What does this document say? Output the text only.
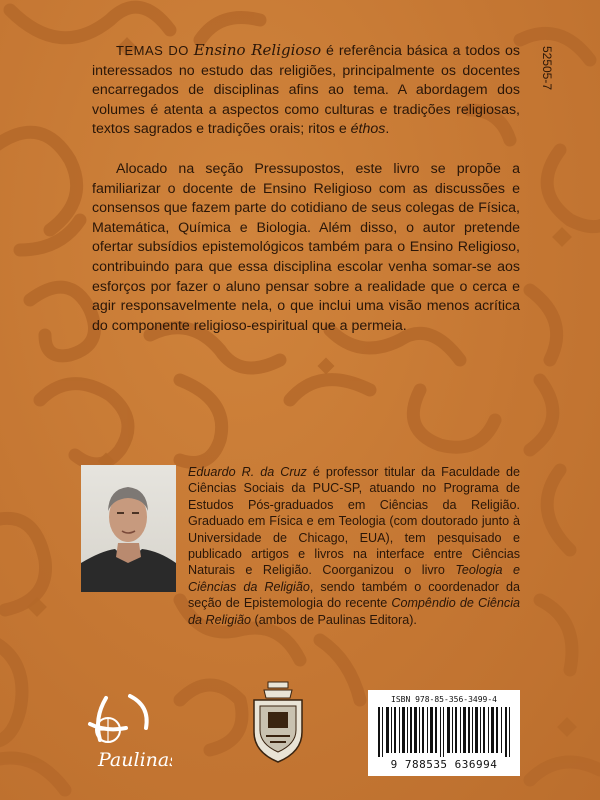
52505-7

TEMAS DO Ensino Religioso é referência básica a todos os interessados no estudo das religiões, principalmente os docentes encarregados de disciplinas afins ao tema. A abordagem dos volumes é atenta a aspectos como culturas e tradições religiosas, textos sagrados e tradições orais; ritos e éthos.

Alocado na seção Pressupostos, este livro se propõe a familiarizar o docente de Ensino Religioso com as discussões e consensos que fazem parte do cotidiano de seus colegas de Física, Matemática, Química e Biologia. Além disso, o autor pretende ofertar subsídios epistemológicos também para o Ensino Religioso, contribuindo para que essa disciplina escolar venha somar-se aos esforços por fazer o aluno pensar sobre a realidade que o cerca e agir responsavelmente nela, o que inclui uma visão menos acrítica do componente religioso-espiritual que a permeia.

Eduardo R. da Cruz é professor titular da Faculdade de Ciências Sociais da PUC-SP, atuando no Programa de Estudos Pós-graduados em Ciências da Religião. Graduado em Física e em Teologia (com doutorado junto à Universidade de Chicago, EUA), tem pesquisado e publicado artigos e livros na interface entre Ciências Naturais e Religião. Coorganizou o livro Teologia e Ciências da Religião, sendo também o coordenador da seção de Epistemologia do recente Compêndio de Ciência da Religião (ambos de Paulinas Editora).

Paulinas
ISBN 978-85-356-3499-4
9 788535 636994
